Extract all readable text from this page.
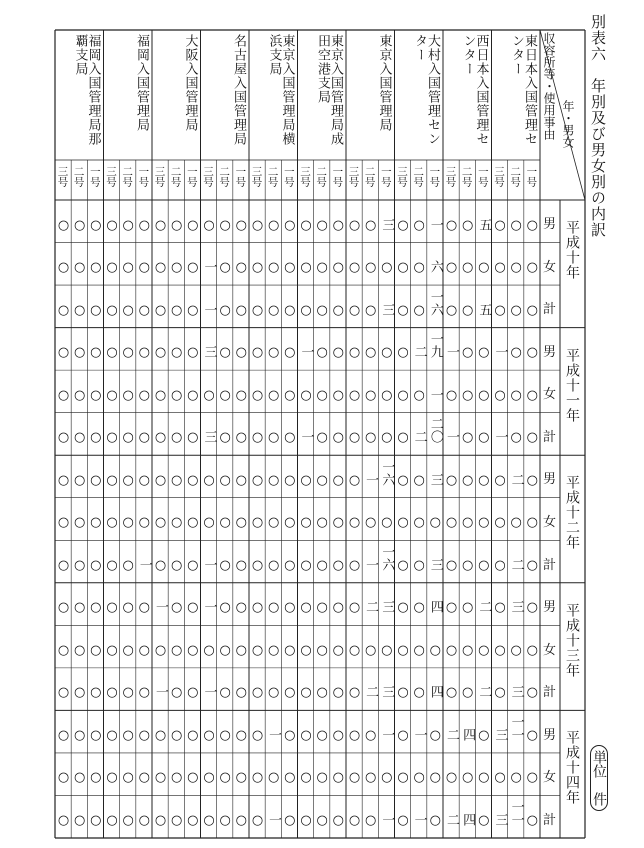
別表六　年別及び男女別の内訳
単位　件
収容所等・使用事由 年・男女
平成十年
平成十一年
平成十二年
平成十三年
平成十四年
男
女
計
男
女
計
男
女
計
男
女
計
男
女
計
東日本入国管理センター
西日本入国管理センター
大村入国管理センター
東京入国管理局
東京入国管理局成田空港支局
東京入国管理局横浜支局
名古屋入国管理局
大阪入国管理局
福岡入国管理局
福岡入国管理局那覇支局
一号
二号
三号
一号
二号
三号
一号
二号
三号
一号
二号
三号
一号
二号
三号
一号
二号
三号
一号
二号
三号
一号
二号
三号
一号
二号
三号
一号
二号
三号
○
○
○
五
○
○
一
○
○
三
○
○
○
○
○
○
○
○
○
○
○
○
○
○
○
○
○
○
○
○
○
○
○
○
○
○
六
○
○
○
○
○
○
○
○
○
○
○
○
○
一
○
○
○
○
○
○
○
○
○
○
○
○
五
○
○
一六
○
○
三
○
○
○
○
○
○
○
○
○
○
一
○
○
○
○
○
○
○
○
○
○
○
一
○
○
一
一九
二
○
○
○
○
○
○
一
○
○
○
○
○
三
○
○
○
○
○
○
○
○
○
○
○
○
○
○
○
一
○
○
○
○
○
○
○
○
○
○
○
○
○
○
○
○
○
○
○
○
○
○
○
○
○
一
○
○
一
二〇
二
○
○
○
○
○
○
一
○
○
○
○
○
三
○
○
○
○
○
○
○
○
○
○
二
○
○
○
○
三
○
○
一六
一
○
○
○
○
○
○
○
○
○
○
○
○
○
○
○
○
○
○
○
○
○
○
○
○
○
○
○
○
○
○
○
○
○
○
○
○
○
○
○
○
○
○
○
○
○
○
○
○
○
○
二
○
○
○
○
三
○
○
一六
一
○
○
○
○
○
○
○
○
○
一
○
○
○
一
○
○
○
○
○
○
三
○
二
○
○
四
○
○
三
二
○
○
○
○
○
○
○
○
○
一
○
○
一
○
○
○
○
○
○
○
○
○
○
○
○
○
○
○
○
○
○
○
○
○
○
○
○
○
○
○
○
○
○
○
○
○
○
○
○
○
三
○
二
○
○
四
○
○
三
二
○
○
○
○
○
○
○
○
○
一
○
○
一
○
○
○
○
○
○
○
一一
三
○
四
二
○
一
○
一
○
○
○
○
○
○
一
○
○
○
○
○
○
○
○
○
○
○
○
○
○
○
○
○
○
○
○
○
○
○
○
○
○
○
○
○
○
○
○
○
○
○
○
○
○
○
○
○
○
○
○
一一
三
○
四
二
○
一
○
一
○
○
○
○
○
○
一
○
○
○
○
○
○
○
○
○
○
○
○
○
